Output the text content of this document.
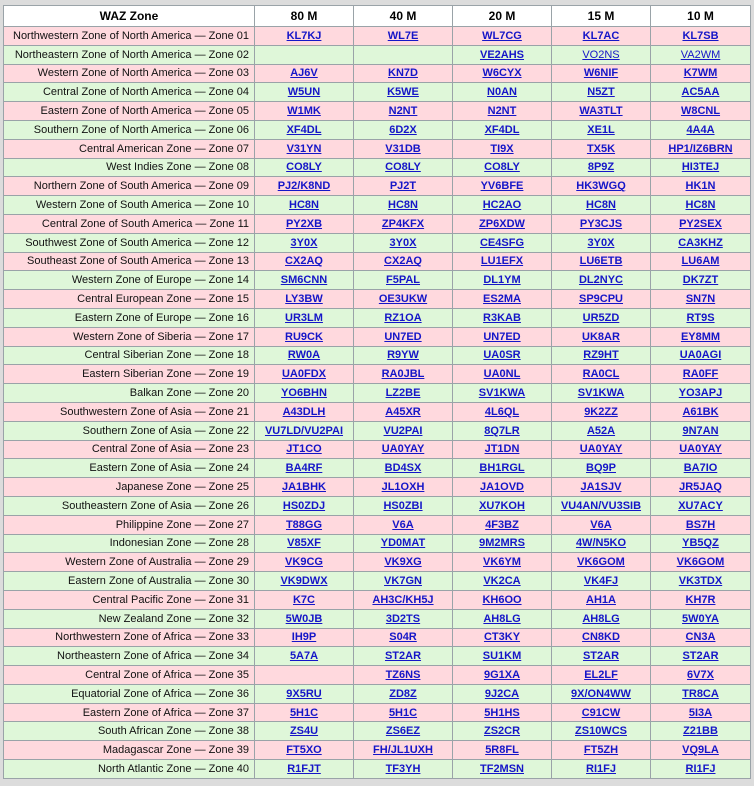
WAZ Zone	80 M	40 M	20 M	15 M	10 M
Northwestern Zone of North America — Zone 01	KL7KJ	WL7E	WL7CG	KL7AC	KL7SB
Northeastern Zone of North America — Zone 02			VE2AHS	VO2NS	VA2WM
Western Zone of North America — Zone 03	AJ6V	KN7D	W6CYX	W6NIF	K7WM
Central Zone of North America — Zone 04	W5UN	K5WE	N0AN	N5ZT	AC5AA
Eastern Zone of North America — Zone 05	W1MK	N2NT	N2NT	WA3TLT	W8CNL
Southern Zone of North America — Zone 06	XF4DL	6D2X	XF4DL	XE1L	4A4A
Central American Zone — Zone 07	V31YN	V31DB	TI9X	TX5K	HP1/IZ6BRN
West Indies Zone — Zone 08	CO8LY	CO8LY	CO8LY	8P9Z	HI3TEJ
Northern Zone of South America — Zone 09	PJ2/K8ND	PJ2T	YV6BFE	HK3WGQ	HK1N
Western Zone of South America — Zone 10	HC8N	HC8N	HC2AO	HC8N	HC8N
Central Zone of South America — Zone 11	PY2XB	ZP4KFX	ZP6XDW	PY3CJS	PY2SEX
Southwest Zone of South America — Zone 12	3Y0X	3Y0X	CE4SFG	3Y0X	CA3KHZ
Southeast Zone of South America — Zone 13	CX2AQ	CX2AQ	LU1EFX	LU6ETB	LU6AM
Western Zone of Europe — Zone 14	SM6CNN	F5PAL	DL1YM	DL2NYC	DK7ZT
Central European Zone — Zone 15	LY3BW	OE3UKW	ES2MA	SP9CPU	SN7N
Eastern Zone of Europe — Zone 16	UR3LM	RZ1OA	R3KAB	UR5ZD	RT9S
Western Zone of Siberia — Zone 17	RU9CK	UN7ED	UN7ED	UK8AR	EY8MM
Central Siberian Zone — Zone 18	RW0A	R9YW	UA0SR	RZ9HT	UA0AGI
Eastern Siberian Zone — Zone 19	UA0FDX	RA0JBL	UA0NL	RA0CL	RA0FF
Balkan Zone — Zone 20	YO6BHN	LZ2BE	SV1KWA	SV1KWA	YO3APJ
Southwestern Zone of Asia — Zone 21	A43DLH	A45XR	4L6QL	9K2ZZ	A61BK
Southern Zone of Asia — Zone 22	VU7LD/VU2PAI	VU2PAI	8Q7LR	A52A	9N7AN
Central Zone of Asia — Zone 23	JT1CO	UA0YAY	JT1DN	UA0YAY	UA0YAY
Eastern Zone of Asia — Zone 24	BA4RF	BD4SX	BH1RGL	BQ9P	BA7IO
Japanese Zone — Zone 25	JA1BHK	JL1OXH	JA1OVD	JA1SJV	JR5JAQ
Southeastern Zone of Asia — Zone 26	HS0ZDJ	HS0ZBI	XU7KOH	VU4AN/VU3SIB	XU7ACY
Philippine Zone — Zone 27	T88GG	V6A	4F3BZ	V6A	BS7H
Indonesian Zone — Zone 28	V85XF	YD0MAT	9M2MRS	4W/N5KO	YB5QZ
Western Zone of Australia — Zone 29	VK9CG	VK9XG	VK6YM	VK6GOM	VK6GOM
Eastern Zone of Australia — Zone 30	VK9DWX	VK7GN	VK2CA	VK4FJ	VK3TDX
Central Pacific Zone — Zone 31	K7C	AH3C/KH5J	KH6OO	AH1A	KH7R
New Zealand Zone — Zone 32	5W0JB	3D2TS	AH8LG	AH8LG	5W0YA
Northwestern Zone of Africa — Zone 33	IH9P	S04R	CT3KY	CN8KD	CN3A
Northeastern Zone of Africa — Zone 34	5A7A	ST2AR	SU1KM	ST2AR	ST2AR
Central Zone of Africa — Zone 35		TZ6NS	9G1XA	EL2LF	6V7X
Equatorial Zone of Africa — Zone 36	9X5RU	ZD8Z	9J2CA	9X/ON4WW	TR8CA
Eastern Zone of Africa — Zone 37	5H1C	5H1C	5H1HS	C91CW	5I3A
South African Zone — Zone 38	ZS4U	ZS6EZ	ZS2CR	ZS10WCS	Z21BB
Madagascar Zone — Zone 39	FT5XO	FH/JL1UXH	5R8FL	FT5ZH	VQ9LA
North Atlantic Zone — Zone 40	R1FJT	TF3YH	TF2MSN	RI1FJ	RI1FJ
